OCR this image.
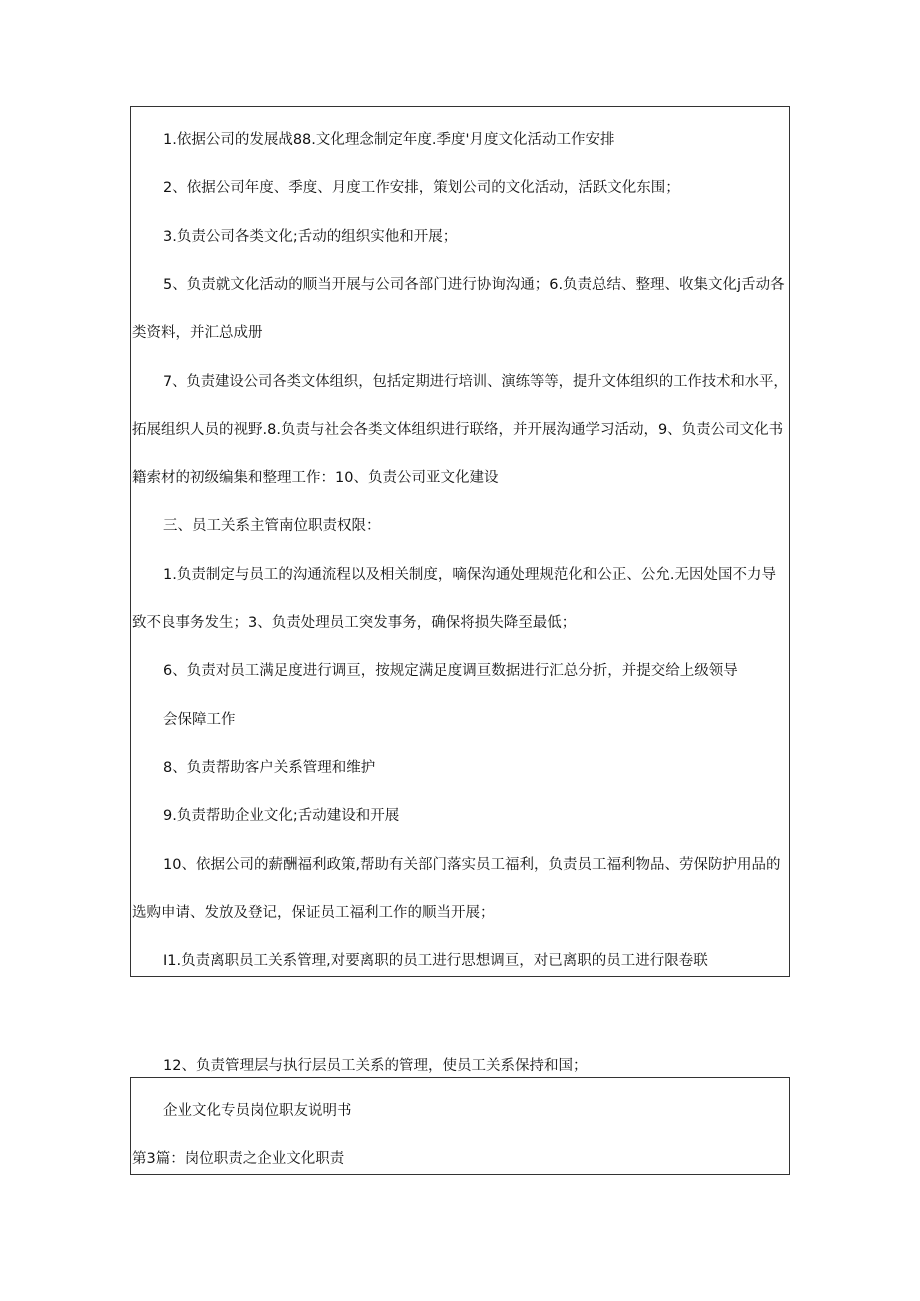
1.依据公司的发展战88.文化理念制定年度.季度'月度文化活动工作安排
2、依据公司年度、季度、月度工作安排，策划公司的文化活动，活跃文化东围；
3.负责公司各类文化;舌动的组织实他和开展；
5、负责就文化活动的顺当开展与公司各部门进行协询沟通；6.负责总结、整理、收集文化j舌动各
类资料，并汇总成册
7、负责建设公司各类文体组织，包括定期进行培训、演练等等，提升文体组织的工作技术和水平，
拓展组织人员的视野.8.负责与社会各类文体组织进行联络，并开展沟通学习活动，9、负责公司文化书
籍索材的初级编集和整理工作：10、负责公司亚文化建设
三、员工关系主管南位职责权限：
1.负责制定与员工的沟通流程以及相关制度，嘀保沟通处理规范化和公正、公允.无因处国不力导
致不良事务发生；3、负责处理员工突发事务，确保将损失降至最低；
6、负责对员工满足度进行调亘，按规定满足度调亘数据进行汇总分折，并提交给上级领导
会保障工作
8、负责帮助客户关系管理和维护
9.负责帮助企业文化;舌动建设和开展
10、依据公司的薪酬福利政策,帮助有关部门落实员工福利，负责员工福利物品、劳保防护用品的
选购申请、发放及登记，保证员工福利工作的顺当开展；
I1.负责离职员工关系管理,对要离职的员工进行思想调亘，对已离职的员工进行限卷联
12、负责管理层与执行层员工关系的管理，使员工关系保持和国；
企业文化专员岗位职友说明书
第3篇：岗位职责之企业文化职责
